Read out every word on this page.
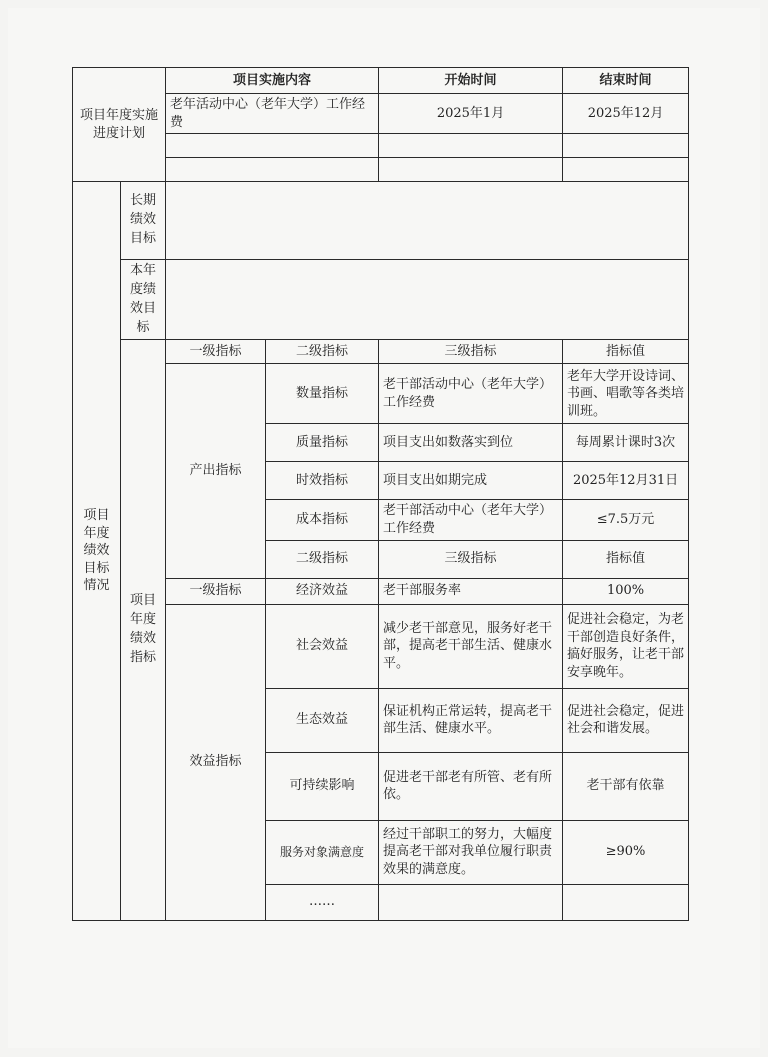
项目年度实施进度计划		项目实施内容		开始时间	结束时间
		老年活动中心（老年大学）工作经费		2025年1月	2025年12月

项目年度绩效目标情况	长期绩效目标				
	本年度绩效目标				
	项目年度绩效指标	一级指标	二级指标	三级指标	指标值
		产出指标	数量指标	老干部活动中心（老年大学）工作经费	老年大学开设诗词、书画、唱歌等各类培训班。
			质量指标	项目支出如数落实到位	每周累计课时3次
			时效指标	项目支出如期完成	2025年12月31日
			成本指标	老干部活动中心（老年大学）工作经费	≤7.5万元
			二级指标	三级指标	指标值
		一级指标	经济效益	老干部服务率	100%
		效益指标	社会效益	减少老干部意见，服务好老干部，提高老干部生活、健康水平。	促进社会稳定，为老干部创造良好条件，搞好服务，让老干部安享晚年。
			生态效益	保证机构正常运转，提高老干部生活、健康水平。	促进社会稳定，促进社会和谐发展。
			可持续影响	促进老干部老有所管、老有所依。	老干部有依靠
			服务对象满意度	经过干部职工的努力，大幅度提高老干部对我单位履行职责效果的满意度。	≥90%
			……		
